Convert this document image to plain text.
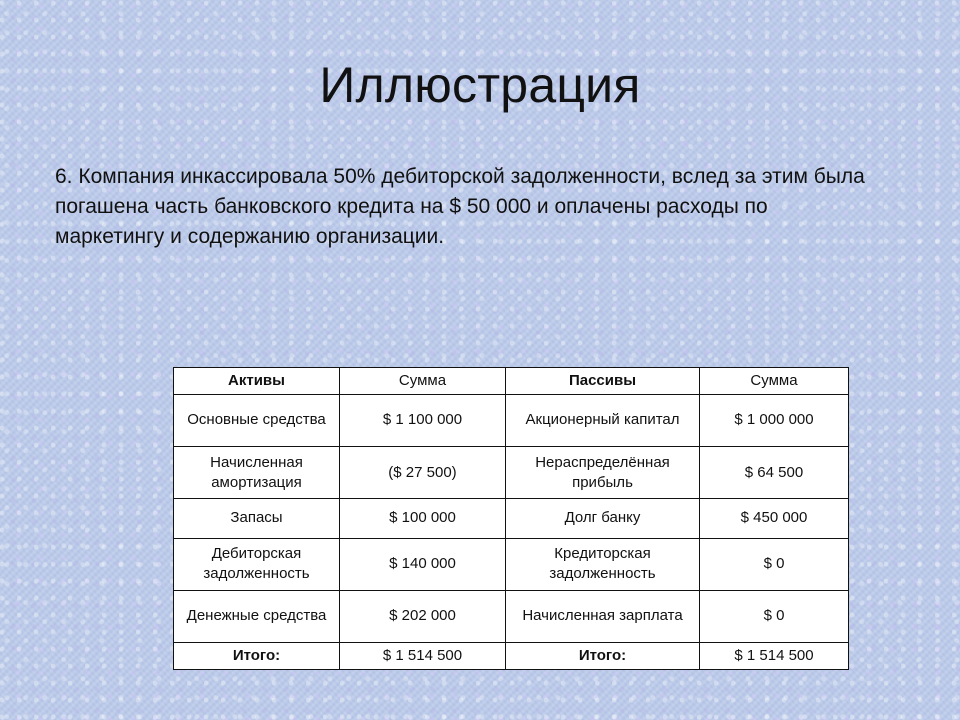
Иллюстрация
6. Компания инкассировала 50% дебиторской задолженности, вслед за этим была погашена часть банковского кредита на $ 50 000 и оплачены расходы по маркетингу и содержанию организации.
Активы	Сумма	Пассивы	Сумма
Основные средства	$ 1 100 000	Акционерный капитал	$ 1 000 000
Начисленная амортизация	($ 27 500)	Нераспределённая прибыль	$ 64 500
Запасы	$ 100 000	Долг банку	$ 450 000
Дебиторская задолженность	$ 140 000	Кредиторская задолженность	$ 0
Денежные средства	$ 202 000	Начисленная зарплата	$ 0
Итого:	$ 1 514 500	Итого:	$ 1 514 500
